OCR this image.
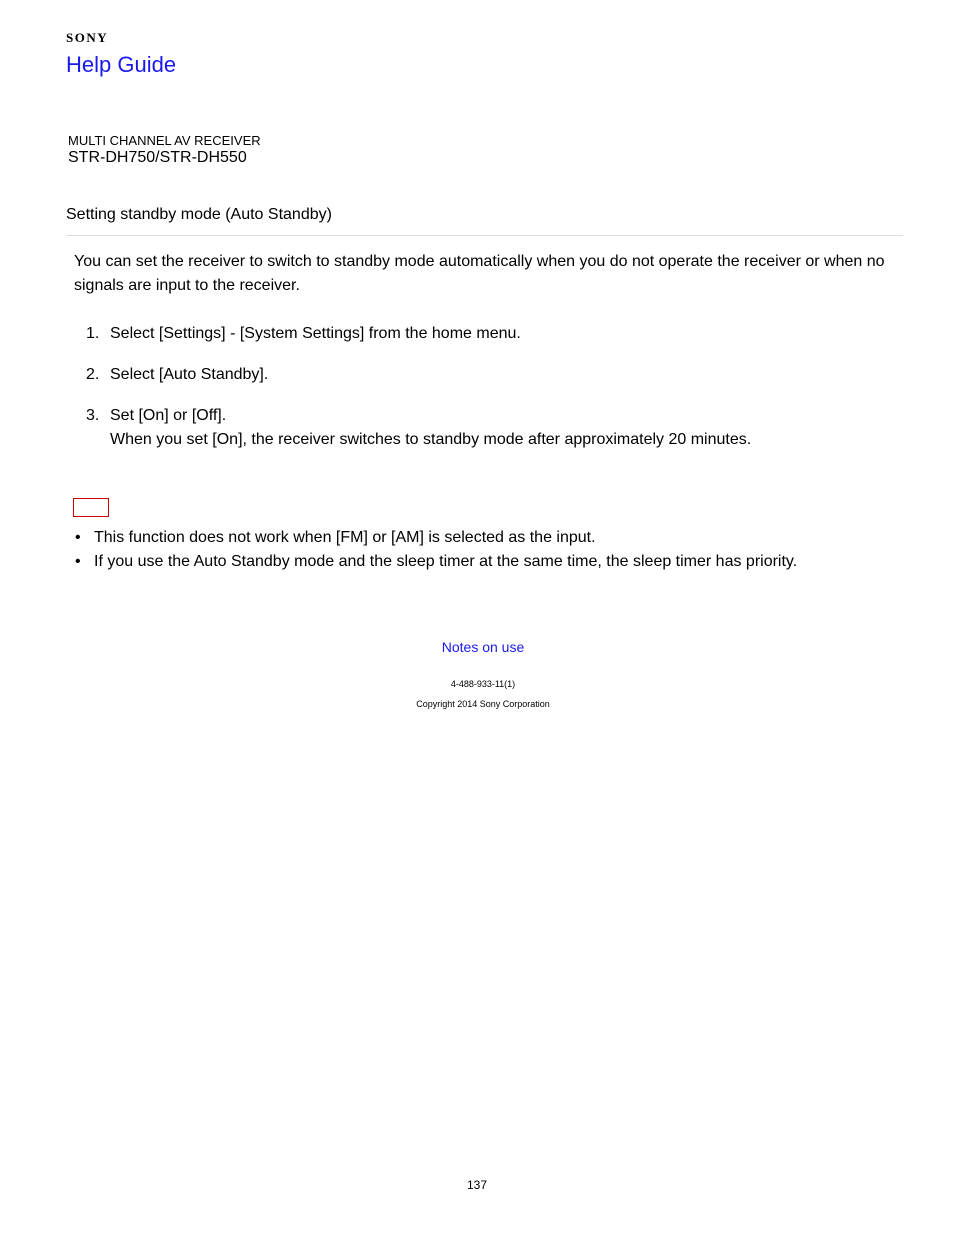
SONY
Help Guide
MULTI CHANNEL AV RECEIVER
STR-DH750/STR-DH550
Setting standby mode (Auto Standby)
You can set the receiver to switch to standby mode automatically when you do not operate the receiver or when no signals are input to the receiver.
1. Select [Settings] - [System Settings] from the home menu.
2. Select [Auto Standby].
3. Set [On] or [Off].
When you set [On], the receiver switches to standby mode after approximately 20 minutes.
• This function does not work when [FM] or [AM] is selected as the input.
• If you use the Auto Standby mode and the sleep timer at the same time, the sleep timer has priority.
Notes on use
4-488-933-11(1)
Copyright 2014 Sony Corporation
137
